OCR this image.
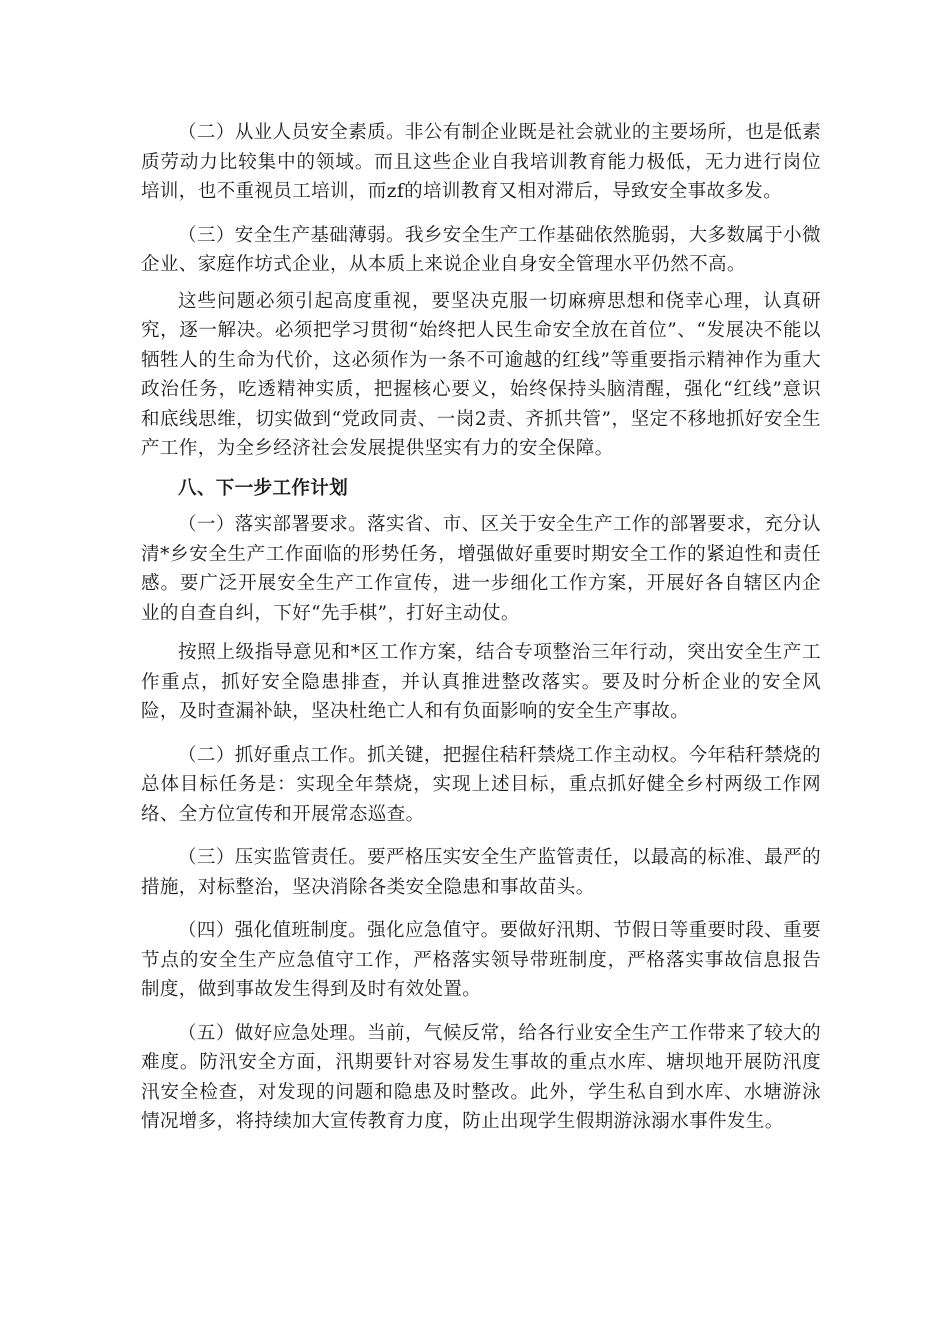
（二）从业人员安全素质。非公有制企业既是社会就业的主要场所，也是低素质劳动力比较集中的领域。而且这些企业自我培训教育能力极低，无力进行岗位培训，也不重视员工培训，而zf的培训教育又相对滞后，导致安全事故多发。

（三）安全生产基础薄弱。我乡安全生产工作基础依然脆弱，大多数属于小微企业、家庭作坊式企业，从本质上来说企业自身安全管理水平仍然不高。

这些问题必须引起高度重视，要坚决克服一切麻痹思想和侥幸心理，认真研究，逐一解决。必须把学习贯彻“始终把人民生命安全放在首位”、“发展决不能以牺牲人的生命为代价，这必须作为一条不可逾越的红线”等重要指示精神作为重大政治任务，吃透精神实质，把握核心要义，始终保持头脑清醒，强化“红线”意识和底线思维，切实做到“党政同责、一岗2责、齐抓共管”，坚定不移地抓好安全生产工作，为全乡经济社会发展提供坚实有力的安全保障。

八、下一步工作计划

（一）落实部署要求。落实省、市、区关于安全生产工作的部署要求，充分认清*乡安全生产工作面临的形势任务，增强做好重要时期安全工作的紧迫性和责任感。要广泛开展安全生产工作宣传，进一步细化工作方案，开展好各自辖区内企业的自查自纠，下好“先手棋”，打好主动仗。

按照上级指导意见和*区工作方案，结合专项整治三年行动，突出安全生产工作重点，抓好安全隐患排查，并认真推进整改落实。要及时分析企业的安全风险，及时查漏补缺，坚决杜绝亡人和有负面影响的安全生产事故。

（二）抓好重点工作。抓关键，把握住秸秆禁烧工作主动权。今年秸秆禁烧的总体目标任务是：实现全年禁烧，实现上述目标，重点抓好健全乡村两级工作网络、全方位宣传和开展常态巡查。

（三）压实监管责任。要严格压实安全生产监管责任，以最高的标准、最严的措施，对标整治，坚决消除各类安全隐患和事故苗头。

（四）强化值班制度。强化应急值守。要做好汛期、节假日等重要时段、重要节点的安全生产应急值守工作，严格落实领导带班制度，严格落实事故信息报告制度，做到事故发生得到及时有效处置。

（五）做好应急处理。当前，气候反常，给各行业安全生产工作带来了较大的难度。防汛安全方面，汛期要针对容易发生事故的重点水库、塘坝地开展防汛度汛安全检查，对发现的问题和隐患及时整改。此外，学生私自到水库、水塘游泳情况增多，将持续加大宣传教育力度，防止出现学生假期游泳溺水事件发生。
